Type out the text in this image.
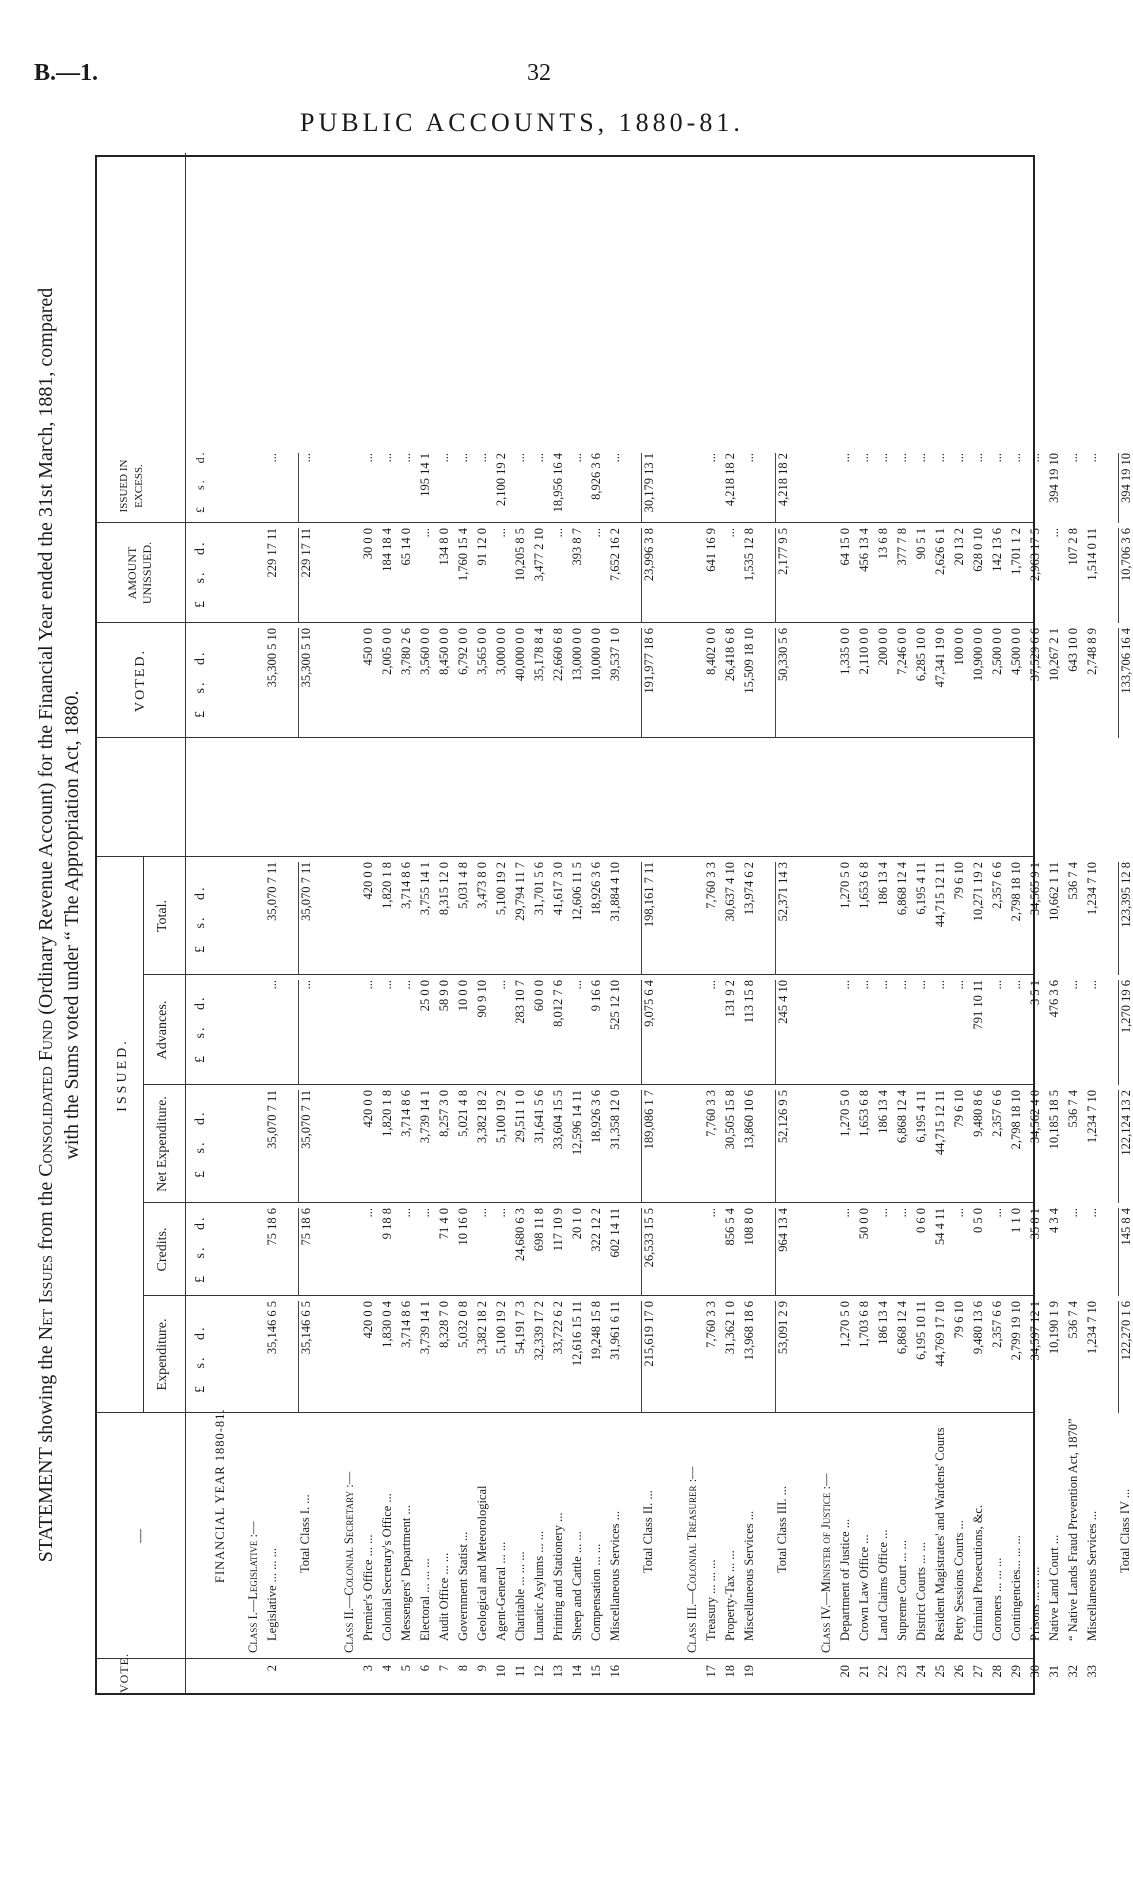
B.—1.	32
PUBLIC ACCOUNTS, 1880-81.
STATEMENT showing the Net Issues from the Consolidated Fund (Ordinary Revenue Account) for the Financial Year ended the 31st March, 1881, compared with the Sums voted under “ The Appropriation Act, 1880.
VOTE.
—
ISSUED.
Expenditure.
Credits.
Net Expenditure.
Advances.
Total.
VOTED.
AMOUNT UNISSUED.
ISSUED IN EXCESS.
£ s. d.
£ s. d.
£ s. d.
£ s. d.
£ s. d.
£ s. d.
£ s. d.
£ s. d.
FINANCIAL YEAR 1880-81.
Class I.—Legislative :—
2
Legislative ... ... ...
35,146 6 5
75 18 6
35,070 7 11
...
35,070 7 11
35,300 5 10
229 17 11
...
Total Class I. ...
35,146 6 5
75 18 6
35,070 7 11
...
35,070 7 11
35,300 5 10
229 17 11
...
Class II.—Colonial Secretary :—
3
Premier's Office ... ...
420 0 0
...
420 0 0
...
420 0 0
450 0 0
30 0 0
...
4
Colonial Secretary's Office ...
1,830 0 4
9 18 8
1,820 1 8
...
1,820 1 8
2,005 0 0
184 18 4
...
5
Messengers' Department ...
3,714 8 6
...
3,714 8 6
...
3,714 8 6
3,780 2 6
65 14 0
...
6
Electoral ... ... ...
3,739 14 1
...
3,739 14 1
25 0 0
3,755 14 1
3,560 0 0
...
195 14 1
7
Audit Office ... ...
8,328 7 0
71 4 0
8,257 3 0
58 9 0
8,315 12 0
8,450 0 0
134 8 0
...
8
Government Statist ...
5,032 0 8
10 16 0
5,021 4 8
10 0 0
5,031 4 8
6,792 0 0
1,760 15 4
...
9
Geological and Meteorological
3,382 18 2
...
3,382 18 2
90 9 10
3,473 8 0
3,565 0 0
91 12 0
...
10
Agent-General ... ...
5,100 19 2
...
5,100 19 2
...
5,100 19 2
3,000 0 0
...
2,100 19 2
11
Charitable ... ... ...
54,191 7 3
24,680 6 3
29,511 1 0
283 10 7
29,794 11 7
40,000 0 0
10,205 8 5
...
12
Lunatic Asylums ... ...
32,339 17 2
698 11 8
31,641 5 6
60 0 0
31,701 5 6
35,178 8 4
3,477 2 10
...
13
Printing and Stationery ...
33,722 6 2
117 10 9
33,604 15 5
8,012 7 6
41,617 3 0
22,660 6 8
...
18,956 16 4
14
Sheep and Cattle ... ...
12,616 15 11
20 1 0
12,596 14 11
...
12,606 11 5
13,000 0 0
393 8 7
...
15
Compensation ... ...
19,248 15 8
322 12 2
18,926 3 6
9 16 6
18,926 3 6
10,000 0 0
...
8,926 3 6
16
Miscellaneous Services ...
31,961 6 11
602 14 11
31,358 12 0
525 12 10
31,884 4 10
39,537 1 0
7,652 16 2
...
Total Class II. ...
215,619 17 0
26,533 15 5
189,086 1 7
9,075 6 4
198,161 7 11
191,977 18 6
23,996 3 8
30,179 13 1
Class III.—Colonial Treasurer :—
17
Treasury ... ... ...
7,760 3 3
...
7,760 3 3
...
7,760 3 3
8,402 0 0
641 16 9
...
18
Property-Tax ... ...
31,362 1 0
856 5 4
30,505 15 8
131 9 2
30,637 4 10
26,418 6 8
...
4,218 18 2
19
Miscellaneous Services ...
13,968 18 6
108 8 0
13,860 10 6
113 15 8
13,974 6 2
15,509 18 10
1,535 12 8
...
Total Class III. ...
53,091 2 9
964 13 4
52,126 9 5
245 4 10
52,371 14 3
50,330 5 6
2,177 9 5
4,218 18 2
Class IV.—Minister of Justice :—
20
Department of Justice ...
1,270 5 0
...
1,270 5 0
...
1,270 5 0
1,335 0 0
64 15 0
...
21
Crown Law Office ...
1,703 6 8
50 0 0
1,653 6 8
...
1,653 6 8
2,110 0 0
456 13 4
...
22
Land Claims Office ...
186 13 4
...
186 13 4
...
186 13 4
200 0 0
13 6 8
...
23
Supreme Court ... ...
6,868 12 4
...
6,868 12 4
...
6,868 12 4
7,246 0 0
377 7 8
...
24
District Courts ... ...
6,195 10 11
0 6 0
6,195 4 11
...
6,195 4 11
6,285 10 0
90 5 1
...
25
Resident Magistrates' and Wardens' Courts
44,769 17 10
54 4 11
44,715 12 11
...
44,715 12 11
47,341 19 0
2,626 6 1
...
26
Petty Sessions Courts ...
79 6 10
...
79 6 10
...
79 6 10
100 0 0
20 13 2
...
27
Criminal Prosecutions, &c.
9,480 13 6
0 5 0
9,480 8 6
791 10 11
10,271 19 2
10,900 0 0
628 0 10
...
28
Coroners ... ... ...
2,357 6 6
...
2,357 6 6
...
2,357 6 6
2,500 0 0
142 13 6
...
29
Contingencies... ... ...
2,799 19 10
1 1 0
2,798 18 10
...
2,798 18 10
4,500 0 0
1,701 1 2
...
30
Prisons ... ... ...
34,597 12 1
35 8 1
34,562 4 0
3 5 1
34,565 9 1
37,529 6 6
2,963 17 5
...
31
Native Land Court ...
10,190 1 9
4 3 4
10,185 18 5
476 3 6
10,662 1 11
10,267 2 1
...
394 19 10
32
“ Native Lands Fraud Prevention Act, 1870”
536 7 4
...
536 7 4
...
536 7 4
643 10 0
107 2 8
...
33
Miscellaneous Services ...
1,234 7 10
...
1,234 7 10
...
1,234 7 10
2,748 8 9
1,514 0 11
...
Total Class IV ...
122,270 1 6
145 8 4
122,124 13 2
1,270 19 6
123,395 12 8
133,706 16 4
10,706 3 6
394 19 10
